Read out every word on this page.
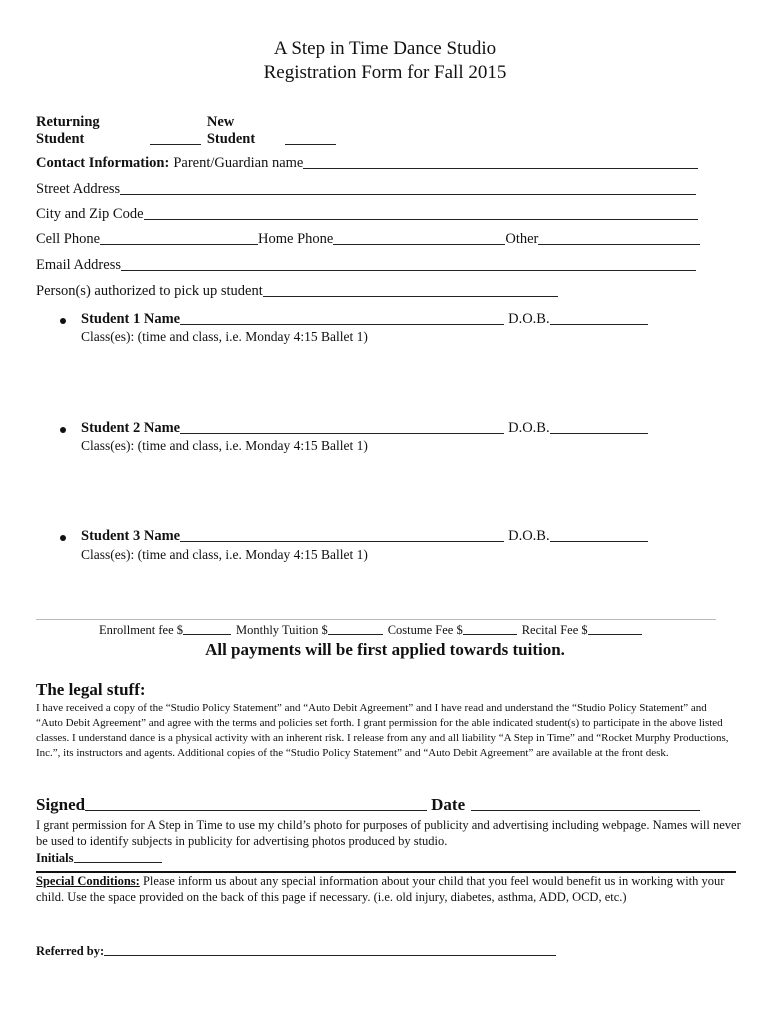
A Step in Time Dance Studio
Registration Form for Fall 2015
Returning Student
New Student
Contact Information: Parent/Guardian name
Street Address
City and Zip Code
Cell Phone	Home Phone	Other
Email Address
Person(s) authorized to pick up student
Student 1 Name	D.O.B.
Class(es): (time and class, i.e. Monday 4:15 Ballet 1)
Student 2 Name	D.O.B.
Class(es): (time and class, i.e. Monday 4:15 Ballet 1)
Student 3 Name	D.O.B.
Class(es): (time and class, i.e. Monday 4:15 Ballet 1)
Enrollment fee $	Monthly Tuition $	Costume Fee $	Recital Fee $
All payments will be first applied towards tuition.
The legal stuff:
I have received a copy of the “Studio Policy Statement” and “Auto Debit Agreement” and I have read and understand the “Studio Policy Statement” and “Auto Debit Agreement” and agree with the terms and policies set forth. I grant permission for the able indicated student(s) to participate in the above listed classes. I understand dance is a physical activity with an inherent risk. I release from any and all liability “A Step in Time” and “Rocket Murphy Productions, Inc.”, its instructors and agents. Additional copies of the “Studio Policy Statement” and “Auto Debit Agreement” are available at the front desk.
Signed	Date
I grant permission for A Step in Time to use my child’s photo for purposes of publicity and advertising including webpage. Names will never be used to identify subjects in publicity for advertising photos produced by studio.
Initials
Special Conditions: Please inform us about any special information about your child that you feel would benefit us in working with your child. Use the space provided on the back of this page if necessary. (i.e. old injury, diabetes, asthma, ADD, OCD, etc.)
Referred by:
